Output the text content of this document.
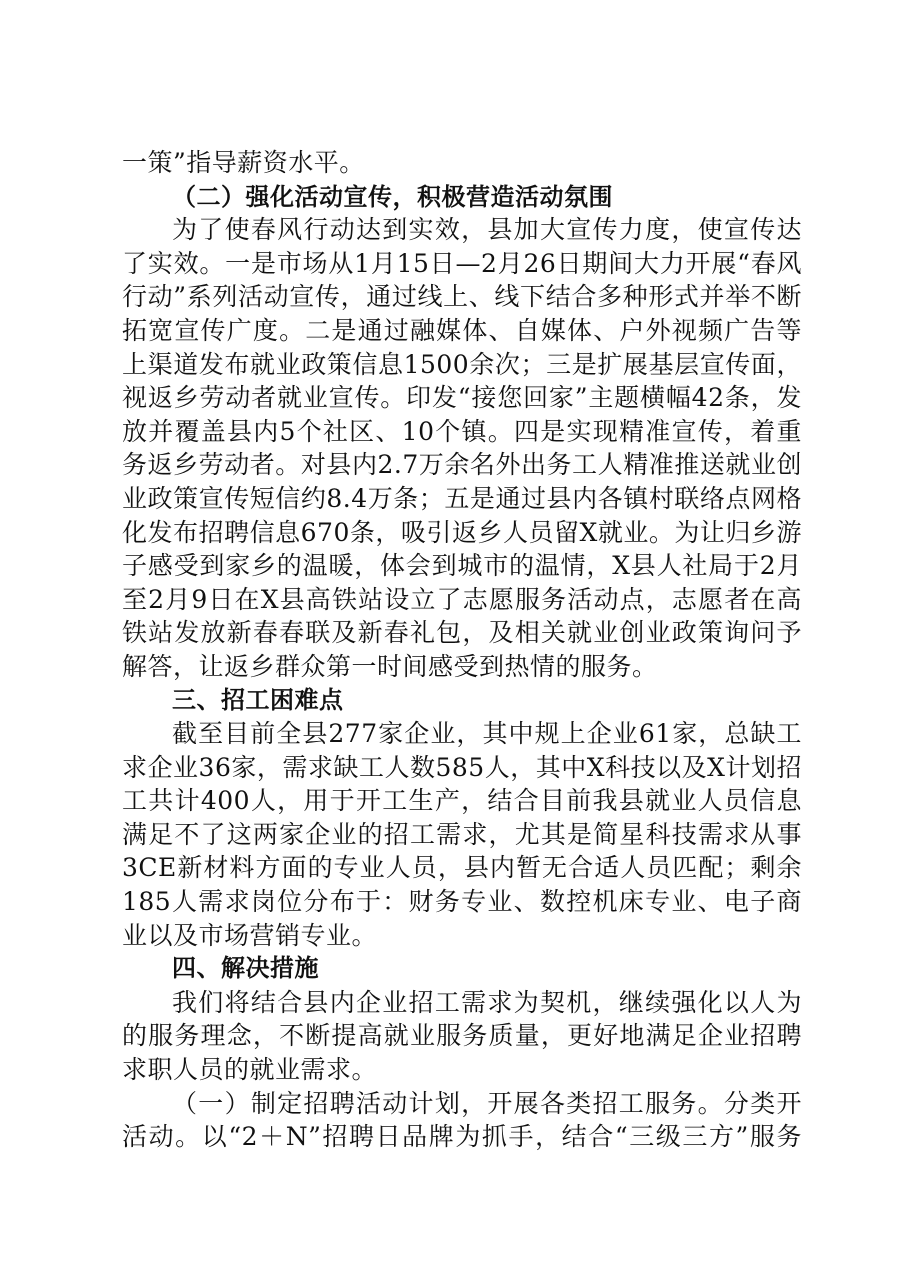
一策”指导薪资水平。
（二）强化活动宣传，积极营造活动氛围
为了使春风行动达到实效，县加大宣传力度，使宣传达
了实效。一是市场从1月15日—2月26日期间大力开展“春风
行动”系列活动宣传，通过线上、线下结合多种形式并举不断
拓宽宣传广度。二是通过融媒体、自媒体、户外视频广告等
上渠道发布就业政策信息1500余次；三是扩展基层宣传面，
视返乡劳动者就业宣传。印发“接您回家”主题横幅42条，发
放并覆盖县内5个社区、10个镇。四是实现精准宣传，着重
务返乡劳动者。对县内2.7万余名外出务工人精准推送就业创
业政策宣传短信约8.4万条；五是通过县内各镇村联络点网格
化发布招聘信息670条，吸引返乡人员留X就业。为让归乡游
子感受到家乡的温暖，体会到城市的温情，X县人社局于2月
至2月9日在X县高铁站设立了志愿服务活动点，志愿者在高
铁站发放新春春联及新春礼包，及相关就业创业政策询问予
解答，让返乡群众第一时间感受到热情的服务。
三、招工困难点
截至目前全县277家企业，其中规上企业61家，总缺工
求企业36家，需求缺工人数585人，其中X科技以及X计划招
工共计400人，用于开工生产，结合目前我县就业人员信息
满足不了这两家企业的招工需求，尤其是简星科技需求从事
3CE新材料方面的专业人员，县内暂无合适人员匹配；剩余
185人需求岗位分布于：财务专业、数控机床专业、电子商
业以及市场营销专业。
四、解决措施
我们将结合县内企业招工需求为契机，继续强化以人为
的服务理念，不断提高就业服务质量，更好地满足企业招聘
求职人员的就业需求。
（一）制定招聘活动计划，开展各类招工服务。分类开
活动。以“2＋N”招聘日品牌为抓手，结合“三级三方”服务
